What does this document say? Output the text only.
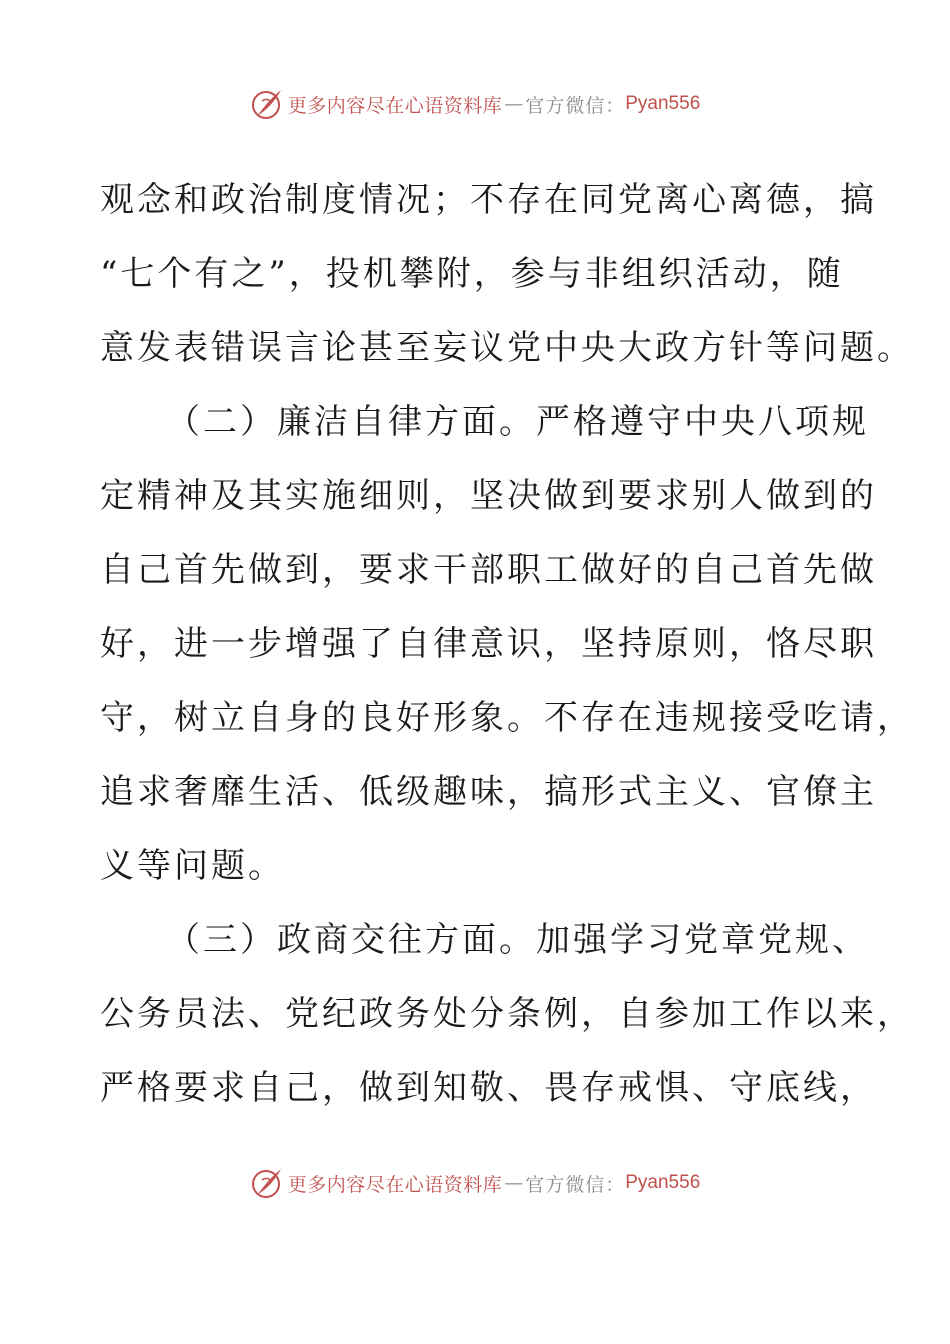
更多内容尽在心语资料库 — 官方微信： Pyan556
观念和政治制度情况；不存在同党离心离德，搞
“七个有之”，投机攀附，参与非组织活动，随
意发表错误言论甚至妄议党中央大政方针等问题。
（二）廉洁自律方面。严格遵守中央八项规
定精神及其实施细则，坚决做到要求别人做到的
自己首先做到，要求干部职工做好的自己首先做
好，进一步增强了自律意识，坚持原则，恪尽职
守，树立自身的良好形象。不存在违规接受吃请，
追求奢靡生活、低级趣味，搞形式主义、官僚主
义等问题。
（三）政商交往方面。加强学习党章党规、
公务员法、党纪政务处分条例，自参加工作以来，
严格要求自己，做到知敬、畏存戒惧、守底线，
更多内容尽在心语资料库 — 官方微信： Pyan556
